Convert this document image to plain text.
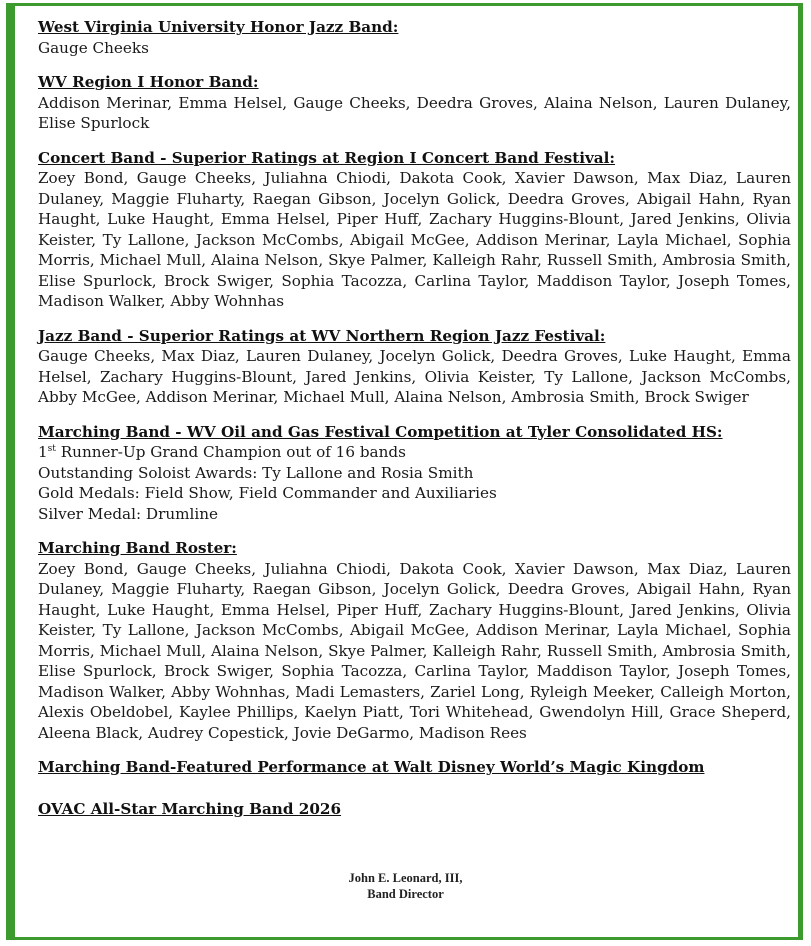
West Virginia University Honor Jazz Band:

Gauge Cheeks

WV Region I Honor Band:

Addison Merinar, Emma Helsel, Gauge Cheeks, Deedra Groves, Alaina Nelson, Lauren Dulaney, Elise Spurlock

Concert Band - Superior Ratings at Region I Concert Band Festival:

Zoey Bond, Gauge Cheeks, Juliahna Chiodi, Dakota Cook, Xavier Dawson, Max Diaz, Lauren Dulaney, Maggie Fluharty, Raegan Gibson, Jocelyn Golick, Deedra Groves, Abigail Hahn, Ryan Haught, Luke Haught, Emma Helsel, Piper Huff, Zachary Huggins-Blount, Jared Jenkins, Olivia Keister, Ty Lallone, Jackson McCombs, Abigail McGee, Addison Merinar, Layla Michael, Sophia Morris, Michael Mull, Alaina Nelson, Skye Palmer, Kalleigh Rahr, Russell Smith, Ambrosia Smith, Elise Spurlock, Brock Swiger, Sophia Tacozza, Carlina Taylor, Maddison Taylor, Joseph Tomes, Madison Walker, Abby Wohnhas

Jazz Band - Superior Ratings at WV Northern Region Jazz Festival:

Gauge Cheeks, Max Diaz, Lauren Dulaney, Jocelyn Golick, Deedra Groves, Luke Haught, Emma Helsel, Zachary Huggins-Blount, Jared Jenkins, Olivia Keister, Ty Lallone, Jackson McCombs, Abby McGee, Addison Merinar, Michael Mull, Alaina Nelson, Ambrosia Smith, Brock Swiger

Marching Band - WV Oil and Gas Festival Competition at Tyler Consolidated HS:
1st Runner-Up Grand Champion out of 16 bands
Outstanding Soloist Awards: Ty Lallone and Rosia Smith
Gold Medals: Field Show, Field Commander and Auxiliaries
Silver Medal: Drumline
Marching Band Roster:

Zoey Bond, Gauge Cheeks, Juliahna Chiodi, Dakota Cook, Xavier Dawson, Max Diaz, Lauren Dulaney, Maggie Fluharty, Raegan Gibson, Jocelyn Golick, Deedra Groves, Abigail Hahn, Ryan Haught, Luke Haught, Emma Helsel, Piper Huff, Zachary Huggins-Blount, Jared Jenkins, Olivia Keister, Ty Lallone, Jackson McCombs, Abigail McGee, Addison Merinar, Layla Michael, Sophia Morris, Michael Mull, Alaina Nelson, Skye Palmer, Kalleigh Rahr, Russell Smith, Ambrosia Smith, Elise Spurlock, Brock Swiger, Sophia Tacozza, Carlina Taylor, Maddison Taylor, Joseph Tomes, Madison Walker, Abby Wohnhas, Madi Lemasters, Zariel Long, Ryleigh Meeker, Calleigh Morton, Alexis Obeldobel, Kaylee Phillips, Kaelyn Piatt, Tori Whitehead, Gwendolyn Hill, Grace Sheperd, Aleena Black, Audrey Copestick, Jovie DeGarmo, Madison Rees

Marching Band-Featured Performance at Walt Disney World’s Magic Kingdom
OVAC All-Star Marching Band 2026
John E. Leonard, III,
Band Director
